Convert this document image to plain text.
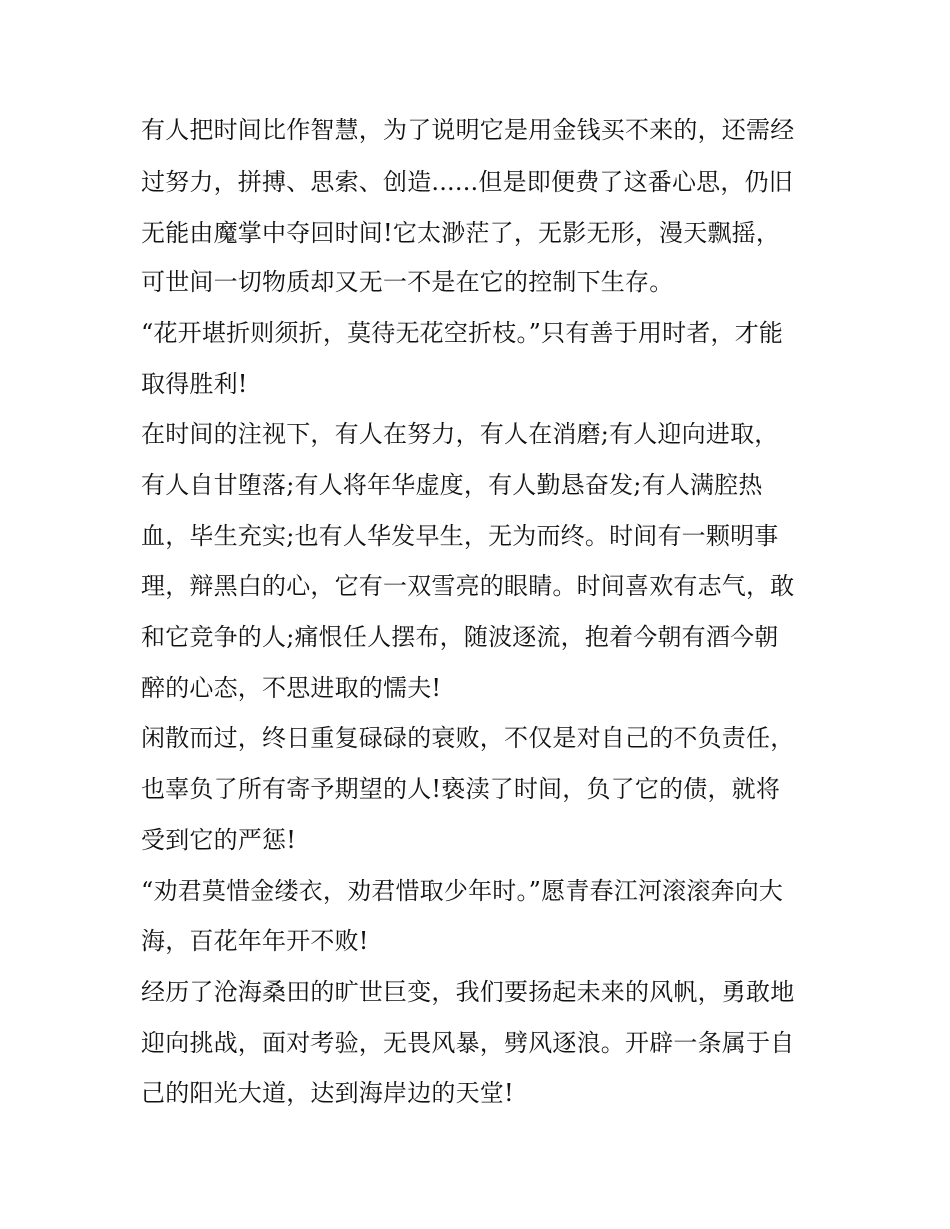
有人把时间比作智慧，为了说明它是用金钱买不来的，还需经
过努力，拼搏、思索、创造......但是即便费了这番心思，仍旧
无能由魔掌中夺回时间!它太渺茫了，无影无形，漫天飘摇，
可世间一切物质却又无一不是在它的控制下生存。
“花开堪折则须折，莫待无花空折枝。”只有善于用时者，才能
取得胜利!
在时间的注视下，有人在努力，有人在消磨;有人迎向进取，
有人自甘堕落;有人将年华虚度，有人勤恳奋发;有人满腔热
血，毕生充实;也有人华发早生，无为而终。时间有一颗明事
理，辩黑白的心，它有一双雪亮的眼睛。时间喜欢有志气，敢
和它竞争的人;痛恨任人摆布，随波逐流，抱着今朝有酒今朝
醉的心态，不思进取的懦夫!
闲散而过，终日重复碌碌的衰败，不仅是对自己的不负责任，
也辜负了所有寄予期望的人!亵渎了时间，负了它的债，就将
受到它的严惩!
“劝君莫惜金缕衣，劝君惜取少年时。”愿青春江河滚滚奔向大
海，百花年年开不败!
经历了沧海桑田的旷世巨变，我们要扬起未来的风帆，勇敢地
迎向挑战，面对考验，无畏风暴，劈风逐浪。开辟一条属于自
己的阳光大道，达到海岸边的天堂!
